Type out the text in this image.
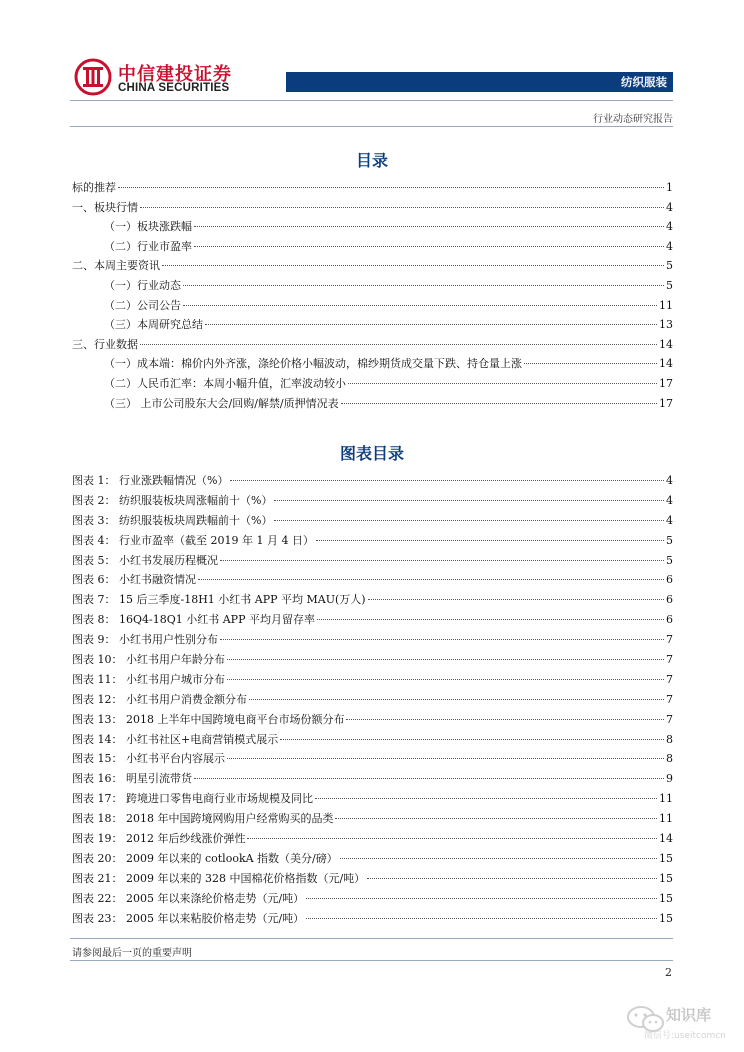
中信建投证券
CHINA SECURITIES	纺织服装
行业动态研究报告
目录
标的推荐	1
一、板块行情	4
（一）板块涨跌幅	4
（二）行业市盈率	4
二、本周主要资讯	5
（一）行业动态	5
（二）公司公告	11
（三）本周研究总结	13
三、行业数据	14
（一）成本端：棉价内外齐涨，涤纶价格小幅波动，棉纱期货成交量下跌、持仓量上涨	14
（二）人民币汇率：本周小幅升值，汇率波动较小	17
（三） 上市公司股东大会/回购/解禁/质押情况表	17
图表目录
图表 1： 行业涨跌幅情况（%）	4
图表 2： 纺织服装板块周涨幅前十（%）	4
图表 3： 纺织服装板块周跌幅前十（%）	4
图表 4： 行业市盈率（截至 2019 年 1 月 4 日）	5
图表 5： 小红书发展历程概况	5
图表 6： 小红书融资情况	6
图表 7： 15 后三季度-18H1 小红书 APP 平均 MAU(万人)	6
图表 8： 16Q4-18Q1 小红书 APP 平均月留存率	6
图表 9： 小红书用户性别分布	7
图表 10： 小红书用户年龄分布	7
图表 11： 小红书用户城市分布	7
图表 12： 小红书用户消费金额分布	7
图表 13： 2018 上半年中国跨境电商平台市场份额分布	7
图表 14： 小红书社区+电商营销模式展示	8
图表 15： 小红书平台内容展示	8
图表 16： 明星引流带货	9
图表 17： 跨境进口零售电商行业市场规模及同比	11
图表 18： 2018 年中国跨境网购用户经常购买的品类	11
图表 19： 2012 年后纱线涨价弹性	14
图表 20： 2009 年以来的 cotlookA 指数（美分/磅）	15
图表 21： 2009 年以来的 328 中国棉花价格指数（元/吨）	15
图表 22： 2005 年以来涤纶价格走势（元/吨）	15
图表 23： 2005 年以来粘胶价格走势（元/吨）	15
请参阅最后一页的重要声明
2
知识库
微信号:useitcomcn
